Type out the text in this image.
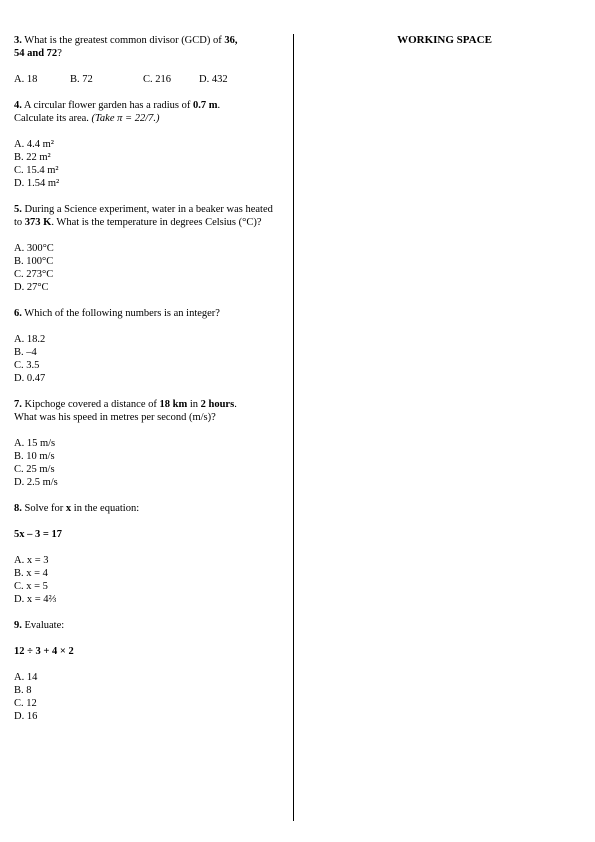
3. What is the greatest common divisor (GCD) of 36,
54 and 72?

A. 18	B. 72	C. 216	D. 432

4. A circular flower garden has a radius of 0.7 m.
Calculate its area. (Take π = 22/7.)

A. 4.4 m²
B. 22 m²
C. 15.4 m²
D. 1.54 m²

5. During a Science experiment, water in a beaker was heated to 373 K. What is the temperature in degrees Celsius (°C)?

A. 300°C
B. 100°C
C. 273°C
D. 27°C

6. Which of the following numbers is an integer?

A. 18.2
B. –4
C. 3.5
D. 0.47

7. Kipchoge covered a distance of 18 km in 2 hours.
What was his speed in metres per second (m/s)?

A. 15 m/s
B. 10 m/s
C. 25 m/s
D. 2.5 m/s

8. Solve for x in the equation:

5x – 3 = 17
A. x = 3
B. x = 4
C. x = 5
D. x = 4⅔

9. Evaluate:

12 ÷ 3 + 4 × 2
A. 14
B. 8
C. 12
D. 16
WORKING SPACE
